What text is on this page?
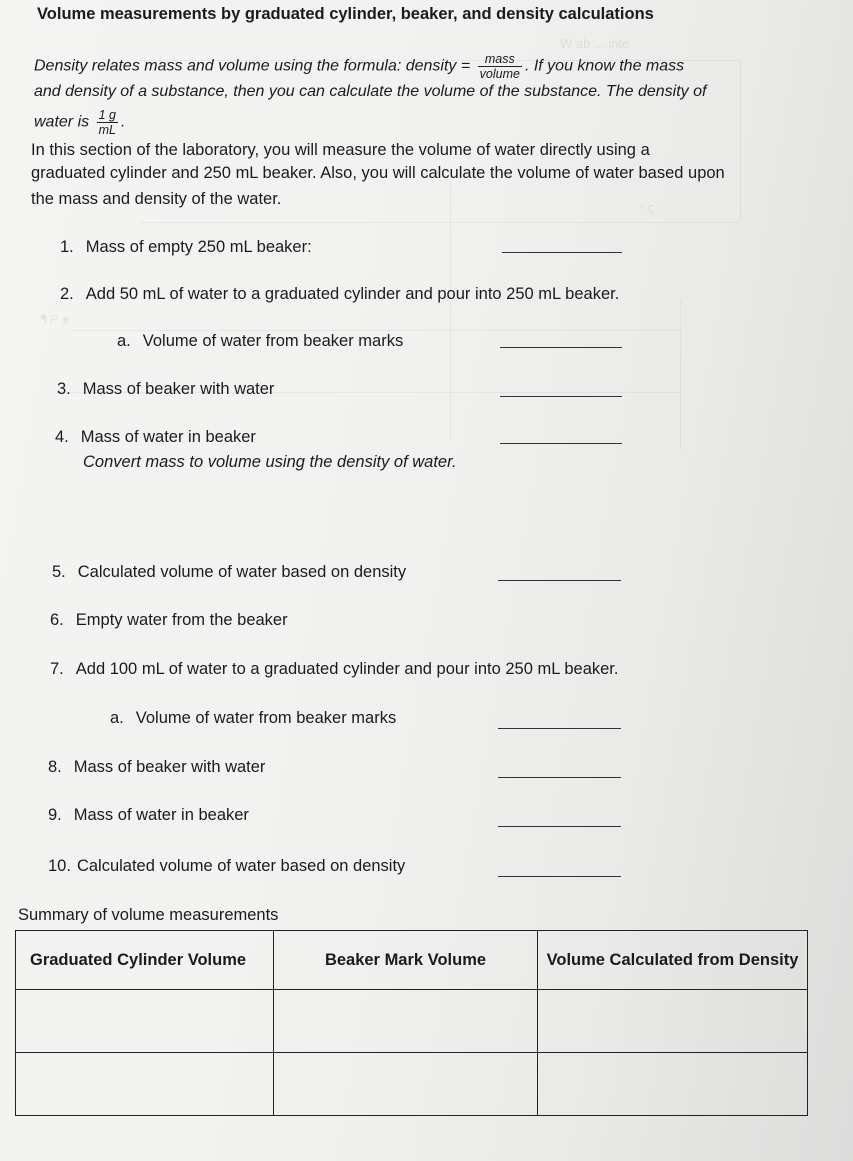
W ab ... inte
ᶺ ϛ
ᖳ ᑭ ᴥ
Volume measurements by graduated cylinder, beaker, and density calculations
Density relates mass and volume using the formula: density = $\frac{\text{mass}}{\text{volume}}$ . If you know the mass
and density of a substance, then you can calculate the volume of the substance. The density of
water is $\frac{1 g}{mL}$ .
In this section of the laboratory, you will measure the volume of water directly using a
graduated cylinder and 250 mL beaker. Also, you will calculate the volume of water based upon
the mass and density of the water.
1. Mass of empty 250 mL beaker:
2. Add 50 mL of water to a graduated cylinder and pour into 250 mL beaker.
a. Volume of water from beaker marks
3. Mass of beaker with water
4. Mass of water in beaker
Convert mass to volume using the density of water.
5. Calculated volume of water based on density
6. Empty water from the beaker
7. Add 100 mL of water to a graduated cylinder and pour into 250 mL beaker.
a. Volume of water from beaker marks
8. Mass of beaker with water
9. Mass of water in beaker
10. Calculated volume of water based on density
Summary of volume measurements
Graduated Cylinder Volume	Beaker Mark Volume	Volume Calculated from Density
